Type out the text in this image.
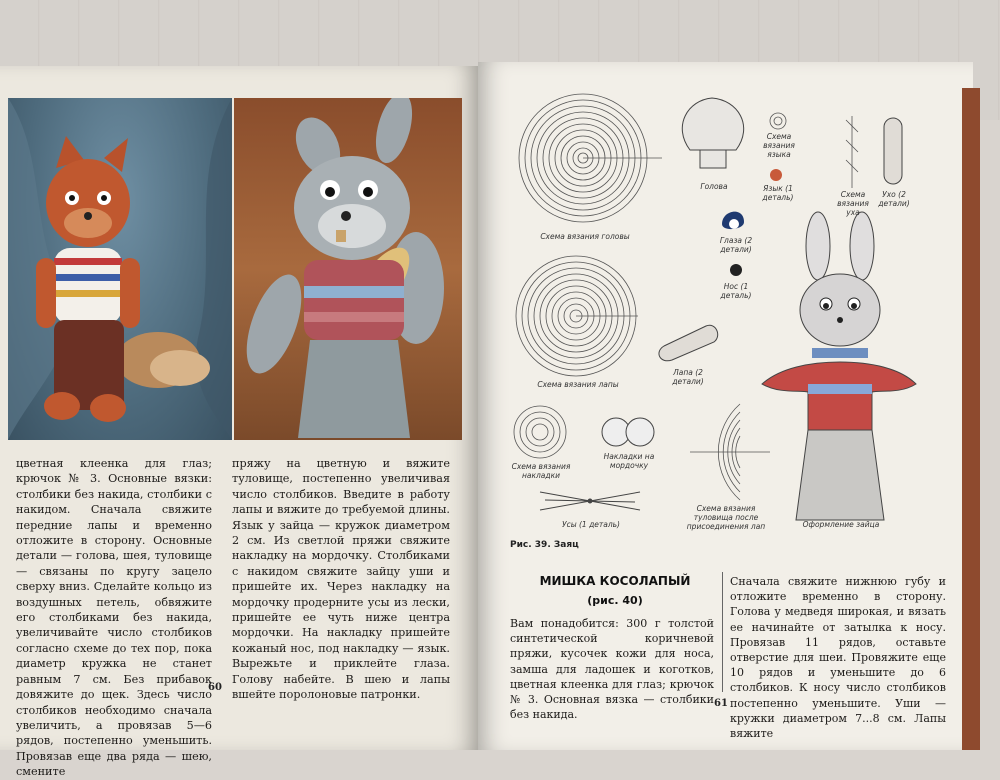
цветная клеенка для глаз; крючок № 3. Основные вязки: столбики без накида, столбики с накидом. Сначала свяжите передние лапы и временно отложите в сторону. Основные детали — голова, шея, туловище — связаны по кругу зацело сверху вниз. Сделайте кольцо из воздушных петель, обвяжите его столбиками без накида, увеличивайте число столбиков согласно схеме до тех пор, пока диаметр кружка не станет равным 7 см. Без прибавок довяжите до щек. Здесь число столбиков необходимо сначала увеличить, а провязав 5—6 рядов, постепенно уменьшить. Провязав еще два ряда — шею, смените
пряжу на цветную и вяжите туловище, постепенно увеличивая число столбиков. Введите в работу лапы и вяжите до требуемой длины. Язык у зайца — кружок диаметром 2 см. Из светлой пряжи свяжите накладку на мордочку. Столбиками с накидом свяжите зайцу уши и пришейте их. Через накладку на мордочку продерните усы из лески, пришейте ее чуть ниже центра мордочки. На накладку пришейте кожаный нос, под накладку — язык. Вырежьте и приклейте глаза. Голову набейте. В шею и лапы вшейте поролоновые патронки.
60
Схема вязания головы
Голова
Схема вязания языка
Язык (1 деталь)	Схема вязания уха
Ухо (2 детали)
Глаза (2 детали)
Нос (1 деталь)
Схема вязания лапы
Лапа (2 детали)
Схема вязания накладки
Накладки на мордочку
Схема вязания туловища после присоединения лап
Усы (1 деталь)	Оформление зайца
Рис. 39. Заяц
МИШКА КОСОЛАПЫЙ
(рис. 40)
Вам понадобится: 300 г толстой синтетической коричневой пряжи, кусочек кожи для носа, замша для ладошек и коготков, цветная клеенка для глаз; крючок № 3. Основная вязка — столбики без накида.
Сначала свяжите нижнюю губу и отложите временно в сторону. Голова у медведя широкая, и вязать ее начинайте от затылка к носу. Провязав 11 рядов, оставьте отверстие для шеи. Провяжите еще 10 рядов и уменьшите до 6 столбиков. К носу число столбиков постепенно уменьшите. Уши — кружки диаметром 7...8 см. Лапы вяжите
61
